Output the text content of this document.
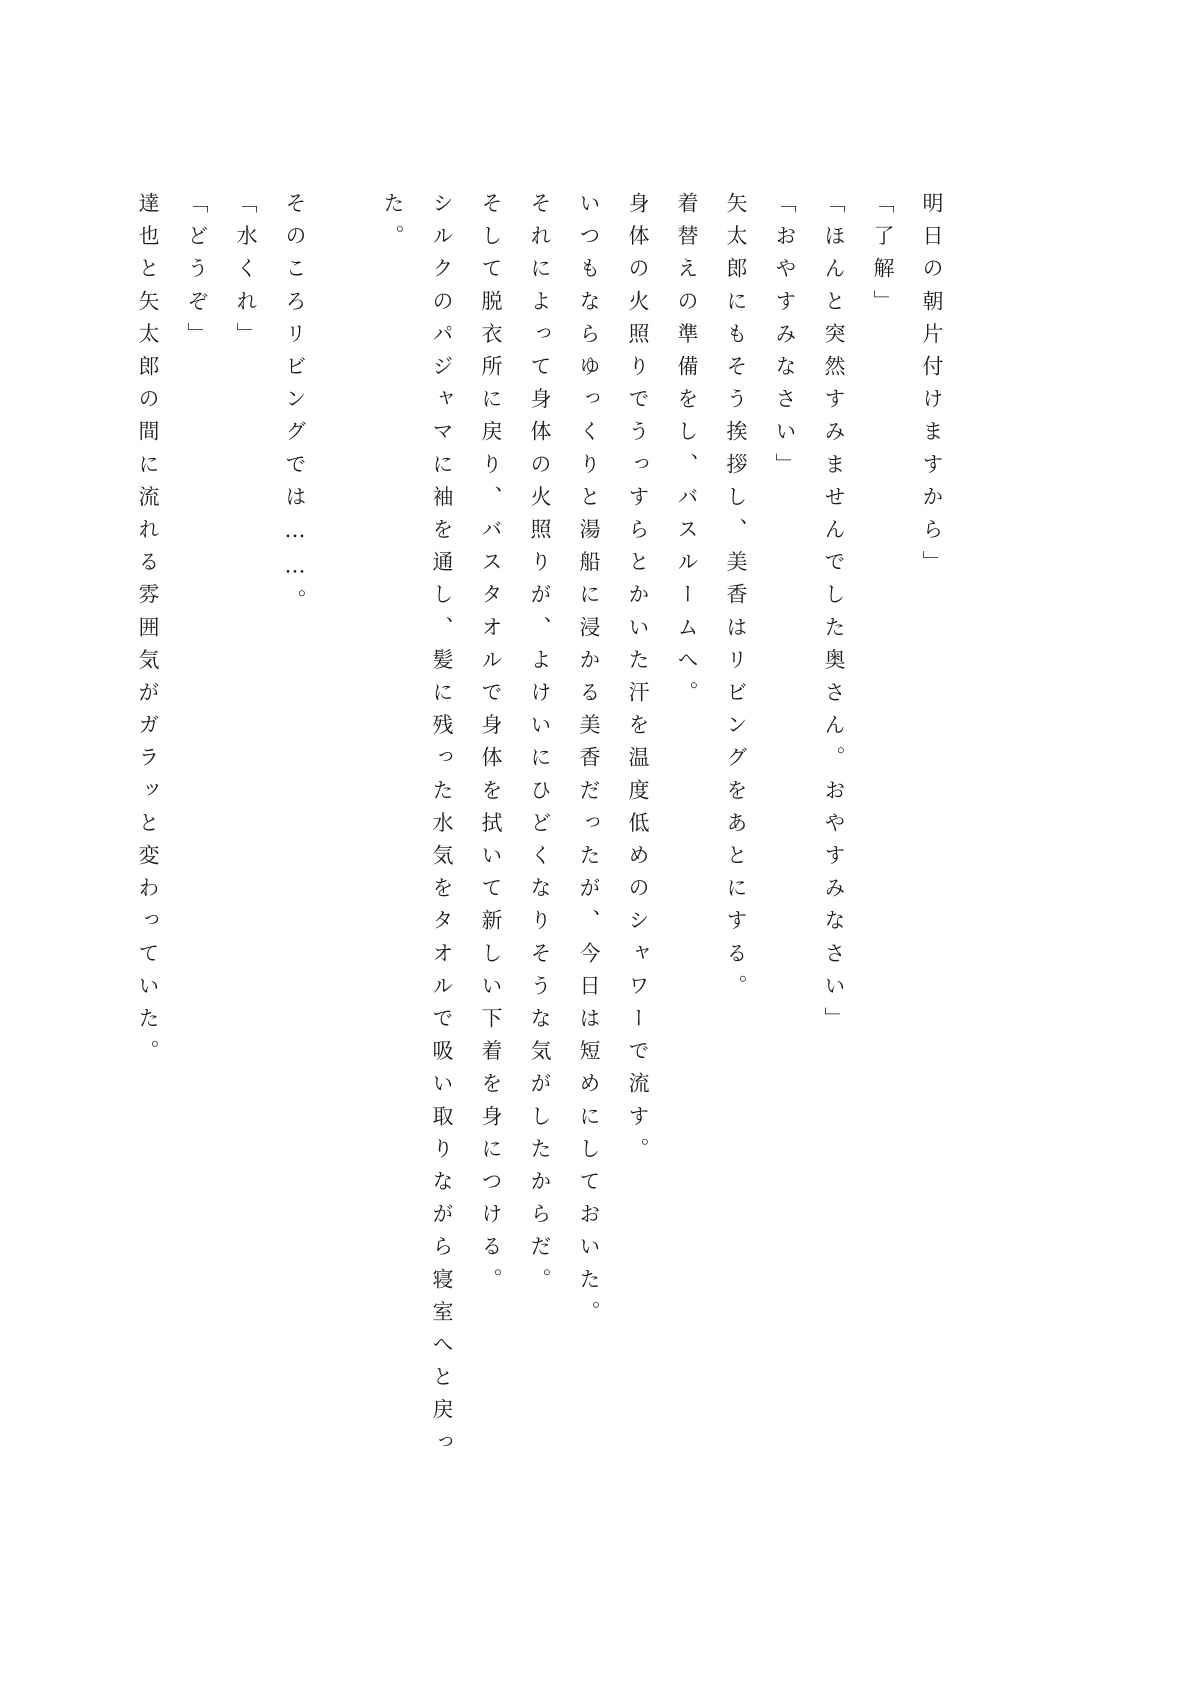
明日の朝片付けますから」

「了解」

「ほんと突然すみませんでした奥さん。おやすみなさい」

「おやすみなさい」

矢太郎にもそう挨拶し、美香はリビングをあとにする。

着替えの準備をし、バスルームへ。

身体の火照りでうっすらとかいた汗を温度低めのシャワーで流す。

いつもならゆっくりと湯船に浸かる美香だったが、今日は短めにしておいた。

それによって身体の火照りが、よけいにひどくなりそうな気がしたからだ。

そして脱衣所に戻り、バスタオルで身体を拭いて新しい下着を身につける。

シルクのパジャマに袖を通し、髪に残った水気をタオルで吸い取りながら寝室へと戻った。

そのころリビングでは……。

「水くれ」

「どうぞ」

達也と矢太郎の間に流れる雰囲気がガラッと変わっていた。
